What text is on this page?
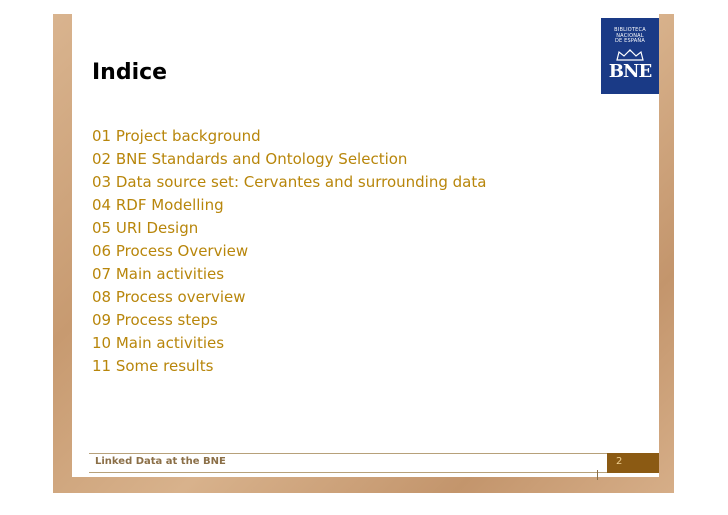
BIBLIOTECA
NACIONAL
DE ESPAÑA
BNE
Indice
01 Project background
02 BNE Standards and Ontology Selection
03 Data source set: Cervantes and surrounding data
04 RDF Modelling
05 URI Design
06 Process Overview
07 Main activities
08 Process overview
09 Process steps
10 Main activities
11 Some results
Linked Data at the BNE	2
